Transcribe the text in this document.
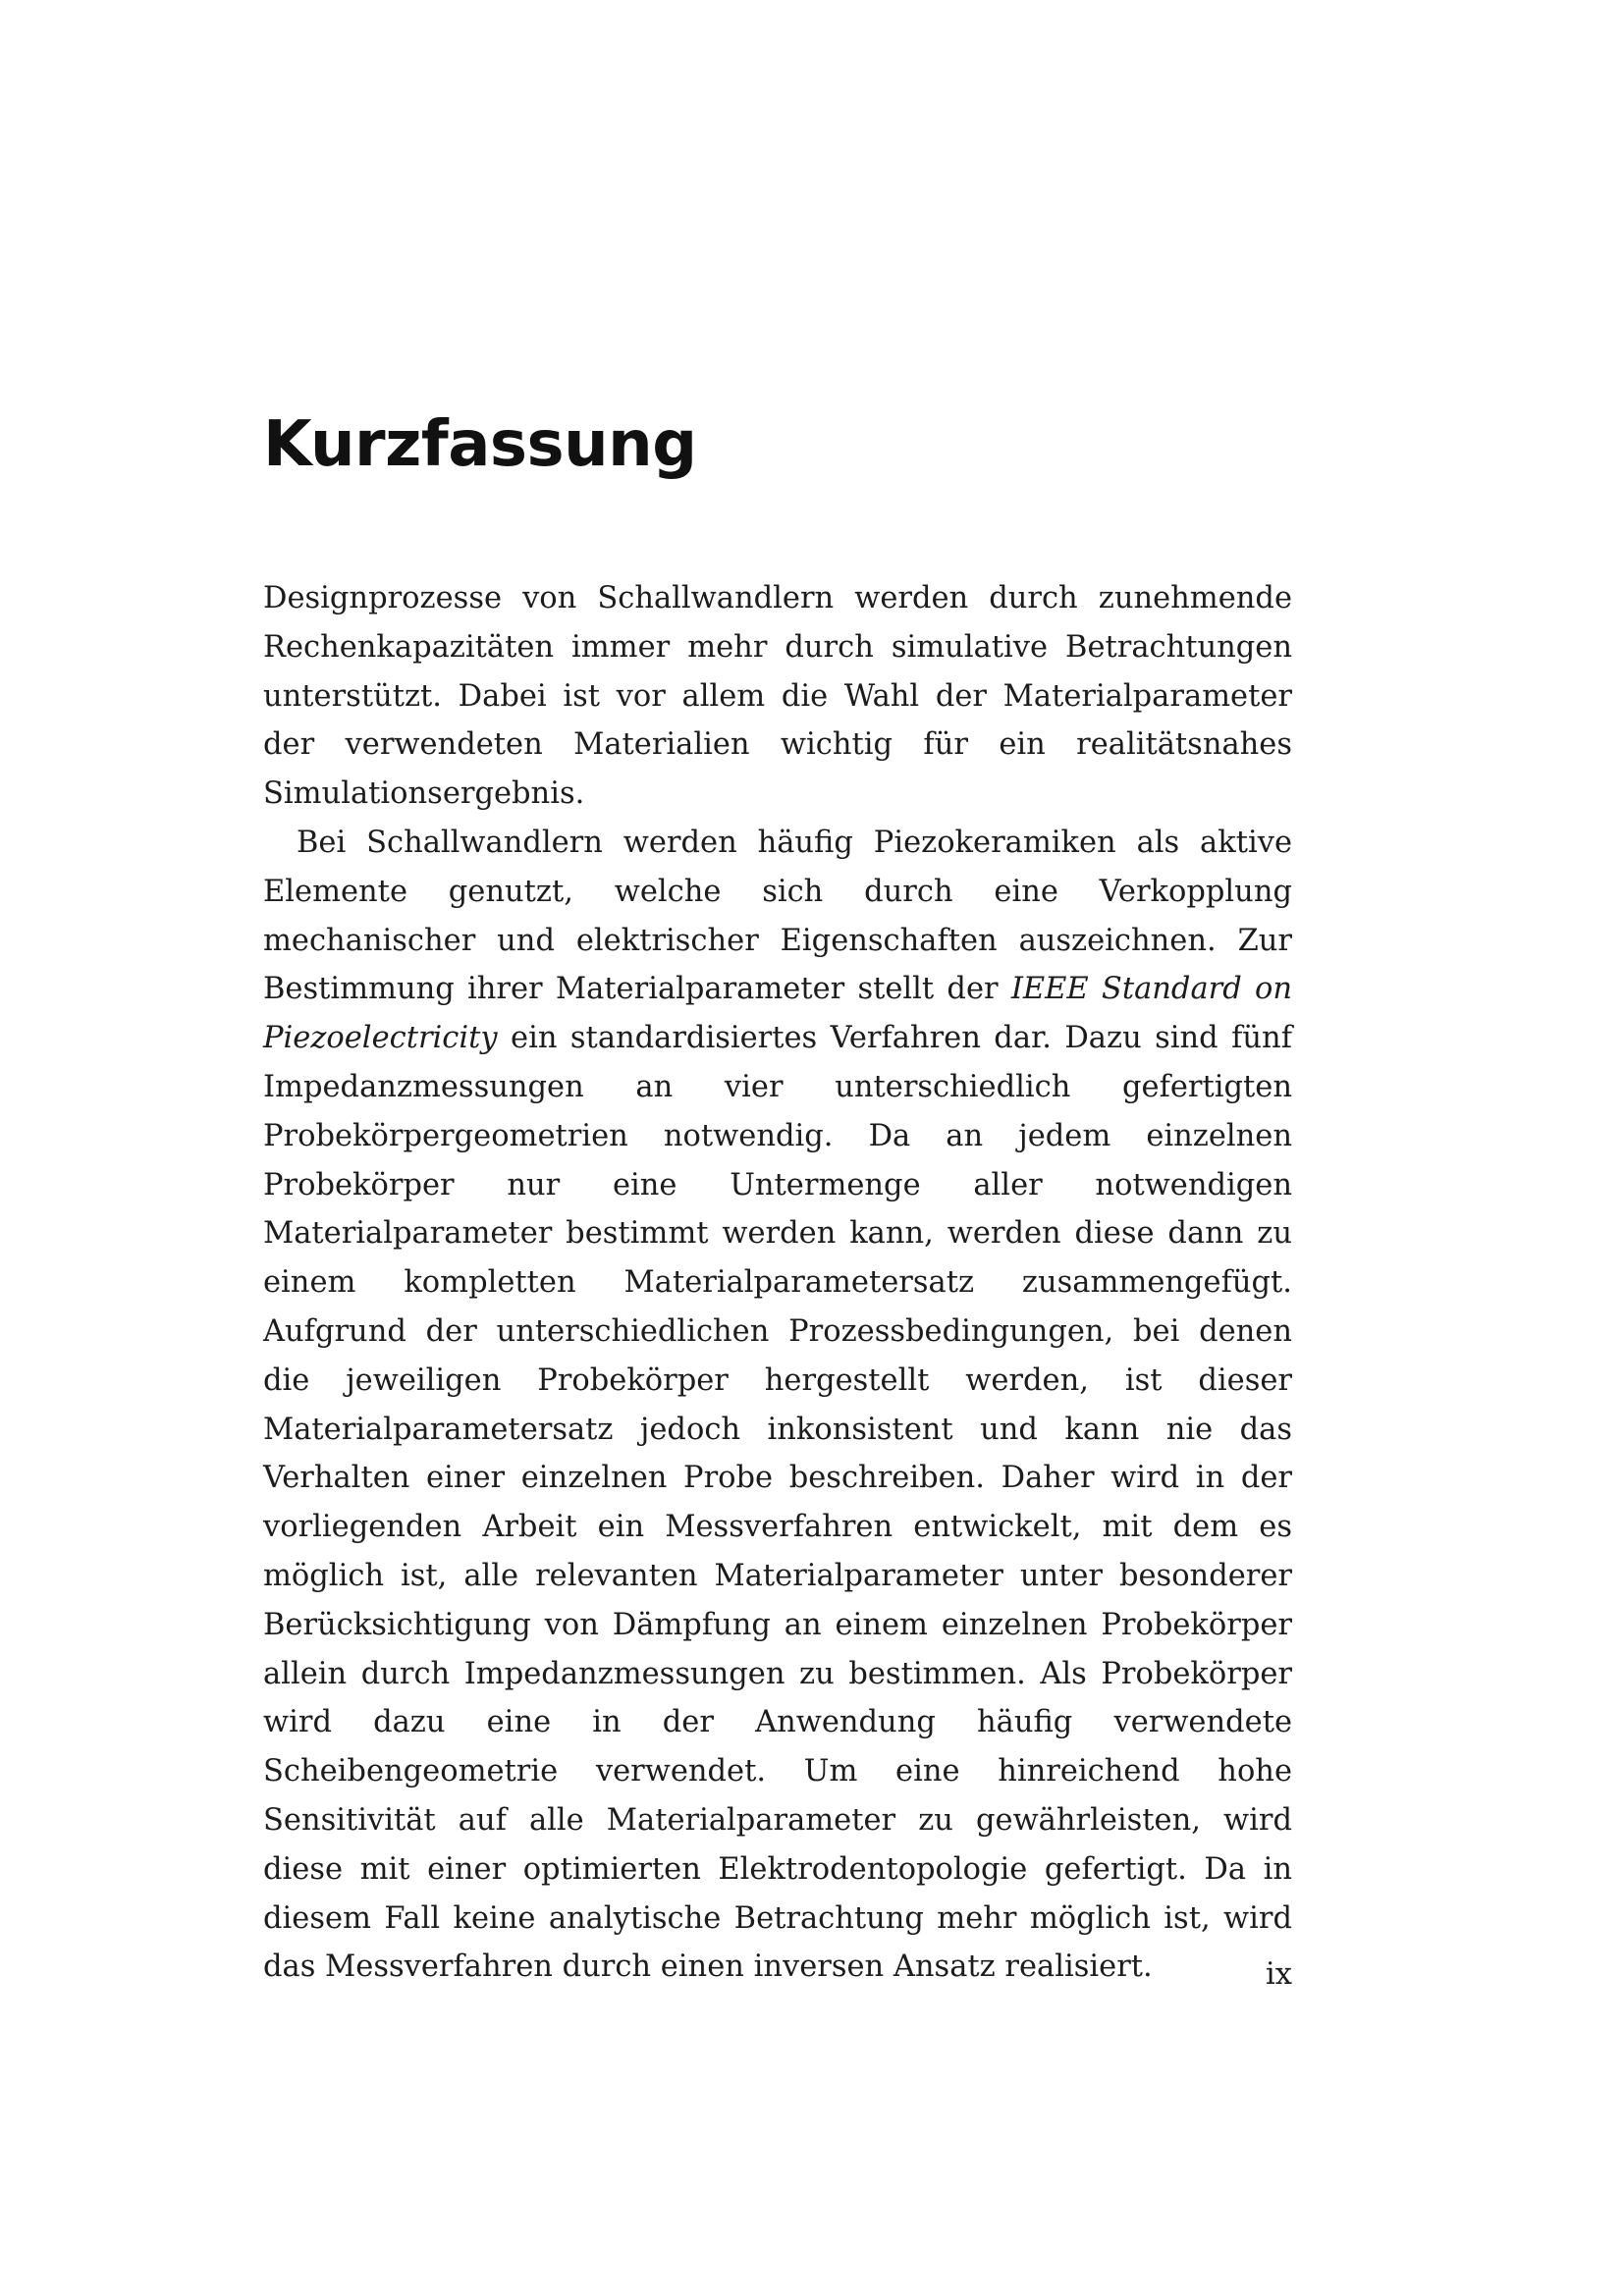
Kurzfassung

Designprozesse von Schallwandlern werden durch zunehmende Rechenkapazitäten immer mehr durch simulative Betrachtungen unterstützt. Dabei ist vor allem die Wahl der Materialparameter der verwendeten Materialien wichtig für ein realitätsnahes Simulationsergebnis.

Bei Schallwandlern werden häufig Piezokeramiken als aktive Elemente genutzt, welche sich durch eine Verkopplung mechanischer und elektrischer Eigenschaften auszeichnen. Zur Bestimmung ihrer Materialparameter stellt der IEEE Standard on Piezoelectricity ein standardisiertes Verfahren dar. Dazu sind fünf Impedanzmessungen an vier unterschiedlich gefertigten Probekörpergeometrien notwendig. Da an jedem einzelnen Probekörper nur eine Untermenge aller notwendigen Materialparameter bestimmt werden kann, werden diese dann zu einem kompletten Materialparametersatz zusammengefügt. Aufgrund der unterschiedlichen Prozessbedingungen, bei denen die jeweiligen Probekörper hergestellt werden, ist dieser Materialparametersatz jedoch inkonsistent und kann nie das Verhalten einer einzelnen Probe beschreiben. Daher wird in der vorliegenden Arbeit ein Messverfahren entwickelt, mit dem es möglich ist, alle relevanten Materialparameter unter besonderer Berücksichtigung von Dämpfung an einem einzelnen Probekörper allein durch Impedanzmessungen zu bestimmen. Als Probekörper wird dazu eine in der Anwendung häufig verwendete Scheibengeometrie verwendet. Um eine hinreichend hohe Sensitivität auf alle Materialparameter zu gewährleisten, wird diese mit einer optimierten Elektrodentopologie gefertigt. Da in diesem Fall keine analytische Betrachtung mehr möglich ist, wird das Messverfahren durch einen inversen Ansatz realisiert.	ix
